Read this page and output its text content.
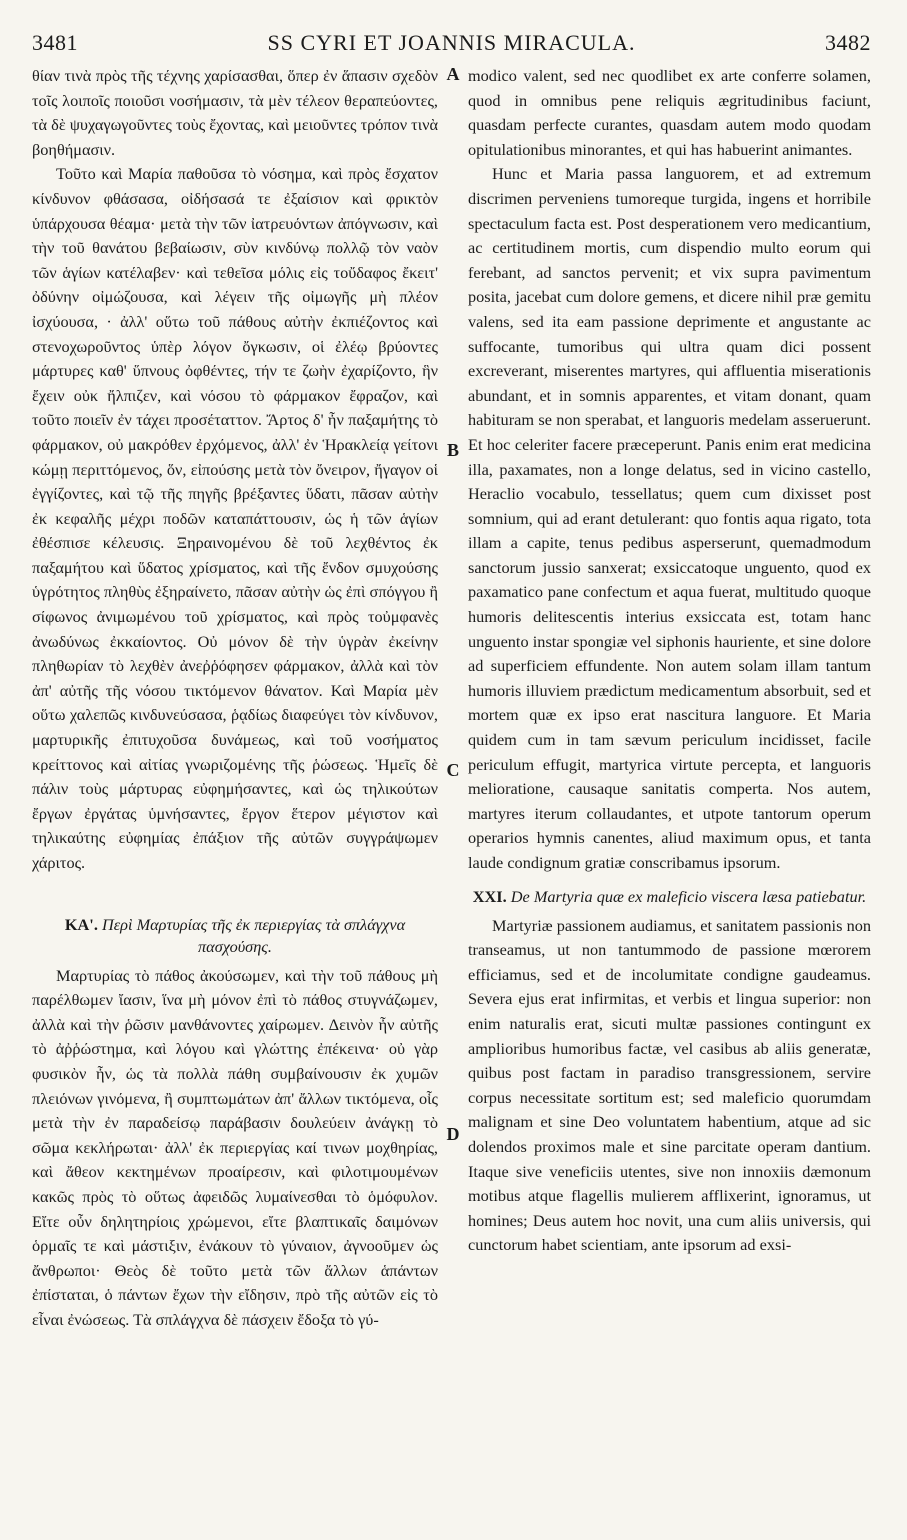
3481	SS CYRI ET JOANNIS MIRACULA.	3482
A
B
C
D

θίαν τινὰ πρὸς τῆς τέχνης χαρίσασθαι, ὅπερ ἐν ἅπασιν σχεδὸν τοῖς λοιποῖς ποιοῦσι νοσήμασιν, τὰ μὲν τέλεον θεραπεύοντες, τὰ δὲ ψυχαγωγοῦντες τοὺς ἔχοντας, καὶ μειοῦντες τρόπον τινὰ βοηθήμασιν.

Τοῦτο καὶ Μαρία παθοῦσα τὸ νόσημα, καὶ πρὸς ἔσχατον κίνδυνον φθάσασα, οἰδήσασά τε ἐξαίσιον καὶ φρικτὸν ὑπάρχουσα θέαμα· μετὰ τὴν τῶν ἰατρευόντων ἀπόγνωσιν, καὶ τὴν τοῦ θανάτου βεβαίωσιν, σὺν κινδύνῳ πολλῷ τὸν ναὸν τῶν ἁγίων κατέλαβεν· καὶ τεθεῖσα μόλις εἰς τοὔδαφος ἔκειτ' ὀδύνην οἰμώζουσα, καὶ λέγειν τῆς οἰμωγῆς μὴ πλέον ἰσχύουσα, · ἀλλ' οὕτω τοῦ πάθους αὐτὴν ἐκπιέζοντος καὶ στενοχωροῦντος ὑπὲρ λόγον ὄγκωσιν, οἱ ἐλέῳ βρύοντες μάρτυρες καθ' ὕπνους ὀφθέντες, τήν τε ζωὴν ἐχαρίζοντο, ἣν ἔχειν οὐκ ἤλπιζεν, καὶ νόσου τὸ φάρμακον ἔφραζον, καὶ τοῦτο ποιεῖν ἐν τάχει προσέταττον. Ἄρτος δ' ἦν παξαμήτης τὸ φάρμακον, οὐ μακρόθεν ἐρχόμενος, ἀλλ' ἐν Ἡρακλείᾳ γείτονι κώμῃ περιττόμενος, ὅν, εἰπούσης μετὰ τὸν ὄνειρον, ἤγαγον οἱ ἐγγίζοντες, καὶ τῷ τῆς πηγῆς βρέξαντες ὕδατι, πᾶσαν αὐτὴν ἐκ κεφαλῆς μέχρι ποδῶν καταπάττουσιν, ὡς ἡ τῶν ἁγίων ἐθέσπισε κέλευσις. Ξηραινομένου δὲ τοῦ λεχθέντος ἐκ παξαμήτου καὶ ὕδατος χρίσματος, καὶ τῆς ἔνδον σμυχούσης ὑγρότητος πληθὺς ἐξηραίνετο, πᾶσαν αὐτὴν ὡς ἐπὶ σπόγγου ἢ σίφωνος ἀνιμωμένου τοῦ χρίσματος, καὶ πρὸς τοὐμφανὲς ἀνωδύνως ἐκκαίοντος. Οὐ μόνον δὲ τὴν ὑγρὰν ἐκείνην πληθωρίαν τὸ λεχθὲν ἀνεῤῥόφησεν φάρμακον, ἀλλὰ καὶ τὸν ἀπ' αὐτῆς τῆς νόσου τικτόμενον θάνατον. Καὶ Μαρία μὲν οὕτω χαλεπῶς κινδυνεύσασα, ῥᾳδίως διαφεύγει τὸν κίνδυνον, μαρτυρικῆς ἐπιτυχοῦσα δυνάμεως, καὶ τοῦ νοσήματος κρείττονος καὶ αἰτίας γνωριζομένης τῆς ῥώσεως. Ἡμεῖς δὲ πάλιν τοὺς μάρτυρας εὐφημήσαντες, καὶ ὡς τηλικούτων ἔργων ἐργάτας ὑμνήσαντες, ἔργον ἕτερον μέγιστον καὶ τηλικαύτης εὐφημίας ἐπάξιον τῆς αὐτῶν συγγράψωμεν χάριτος.

ΚΑ'. Περὶ Μαρτυρίας τῆς ἐκ περιεργίας τὰ σπλάγχνα πασχούσης.

Μαρτυρίας τὸ πάθος ἀκούσωμεν, καὶ τὴν τοῦ πάθους μὴ παρέλθωμεν ἴασιν, ἵνα μὴ μόνον ἐπὶ τὸ πάθος στυγνάζωμεν, ἀλλὰ καὶ τὴν ῥῶσιν μανθάνοντες χαίρωμεν. Δεινὸν ἦν αὐτῆς τὸ ἀῤῥώστημα, καὶ λόγου καὶ γλώττης ἐπέκεινα· οὐ γὰρ φυσικὸν ἦν, ὡς τὰ πολλὰ πάθη συμβαίνουσιν ἐκ χυμῶν πλειόνων γινόμενα, ἢ συμπτωμάτων ἀπ' ἄλλων τικτόμενα, οἷς μετὰ τὴν ἐν παραδείσῳ παράβασιν δουλεύειν ἀνάγκῃ τὸ σῶμα κεκλήρωται· ἀλλ' ἐκ περιεργίας καί τινων μοχθηρίας, καὶ ἄθεον κεκτημένων προαίρεσιν, καὶ φιλοτιμουμένων κακῶς πρὸς τὸ οὕτως ἀφειδῶς λυμαίνεσθαι τὸ ὁμόφυλον. Εἴτε οὖν δηλητηρίοις χρώμενοι, εἴτε βλαπτικαῖς δαιμόνων ὁρμαῖς τε καὶ μάστιξιν, ἐνάκουν τὸ γύναιον, ἀγνοοῦμεν ὡς ἄνθρωποι· Θεὸς δὲ τοῦτο μετὰ τῶν ἄλλων ἁπάντων ἐπίσταται, ὁ πάντων ἔχων τὴν εἴδησιν, πρὸ τῆς αὐτῶν εἰς τὸ εἶναι ἐνώσεως. Τὰ σπλάγχνα δὲ πάσχειν ἔδοξα τὸ γύ-

modico valent, sed nec quodlibet ex arte conferre solamen, quod in omnibus pene reliquis ægritudinibus faciunt, quasdam perfecte curantes, quasdam autem modo quodam opitulationibus minorantes, et qui has habuerint animantes.

Hunc et Maria passa languorem, et ad extremum discrimen perveniens tumoreque turgida, ingens et horribile spectaculum facta est. Post desperationem vero medicantium, ac certitudinem mortis, cum dispendio multo eorum qui ferebant, ad sanctos pervenit; et vix supra pavimentum posita, jacebat cum dolore gemens, et dicere nihil præ gemitu valens, sed ita eam passione deprimente et angustante ac suffocante, tumoribus qui ultra quam dici possent excreverant, miserentes martyres, qui affluentia miserationis abundant, et in somnis apparentes, et vitam donant, quam habituram se non sperabat, et languoris medelam asseruerunt. Et hoc celeriter facere præceperunt. Panis enim erat medicina illa, paxamates, non a longe delatus, sed in vicino castello, Heraclio vocabulo, tessellatus; quem cum dixisset post somnium, qui ad erant detulerant: quo fontis aqua rigato, tota illam a capite, tenus pedibus asperserunt, quemadmodum sanctorum jussio sanxerat; exsiccatoque unguento, quod ex paxamatico pane confectum et aqua fuerat, multitudo quoque humoris delitescentis interius exsiccata est, totam hanc unguento instar spongiæ vel siphonis hauriente, et sine dolore ad superficiem effundente. Non autem solam illam tantum humoris illuviem prædictum medicamentum absorbuit, sed et mortem quæ ex ipso erat nascitura languore. Et Maria quidem cum in tam sævum periculum incidisset, facile periculum effugit, martyrica virtute percepta, et languoris melioratione, causaque sanitatis comperta. Nos autem, martyres iterum collaudantes, et utpote tantorum operum operarios hymnis canentes, aliud maximum opus, et tanta laude condignum gratiæ conscribamus ipsorum.

XXI. De Martyria quæ ex maleficio viscera læsa patiebatur.

Martyriæ passionem audiamus, et sanitatem passionis non transeamus, ut non tantummodo de passione mœrorem efficiamus, sed et de incolumitate condigne gaudeamus. Severa ejus erat infirmitas, et verbis et lingua superior: non enim naturalis erat, sicuti multæ passiones contingunt ex amplioribus humoribus factæ, vel casibus ab aliis generatæ, quibus post factam in paradiso transgressionem, servire corpus necessitate sortitum est; sed maleficio quorumdam malignam et sine Deo voluntatem habentium, atque ad sic dolendos proximos male et sine parcitate operam dantium. Itaque sive veneficiis utentes, sive non innoxiis dæmonum motibus atque flagellis mulierem afflixerint, ignoramus, ut homines; Deus autem hoc novit, una cum aliis universis, qui cunctorum habet scientiam, ante ipsorum ad exsi-
